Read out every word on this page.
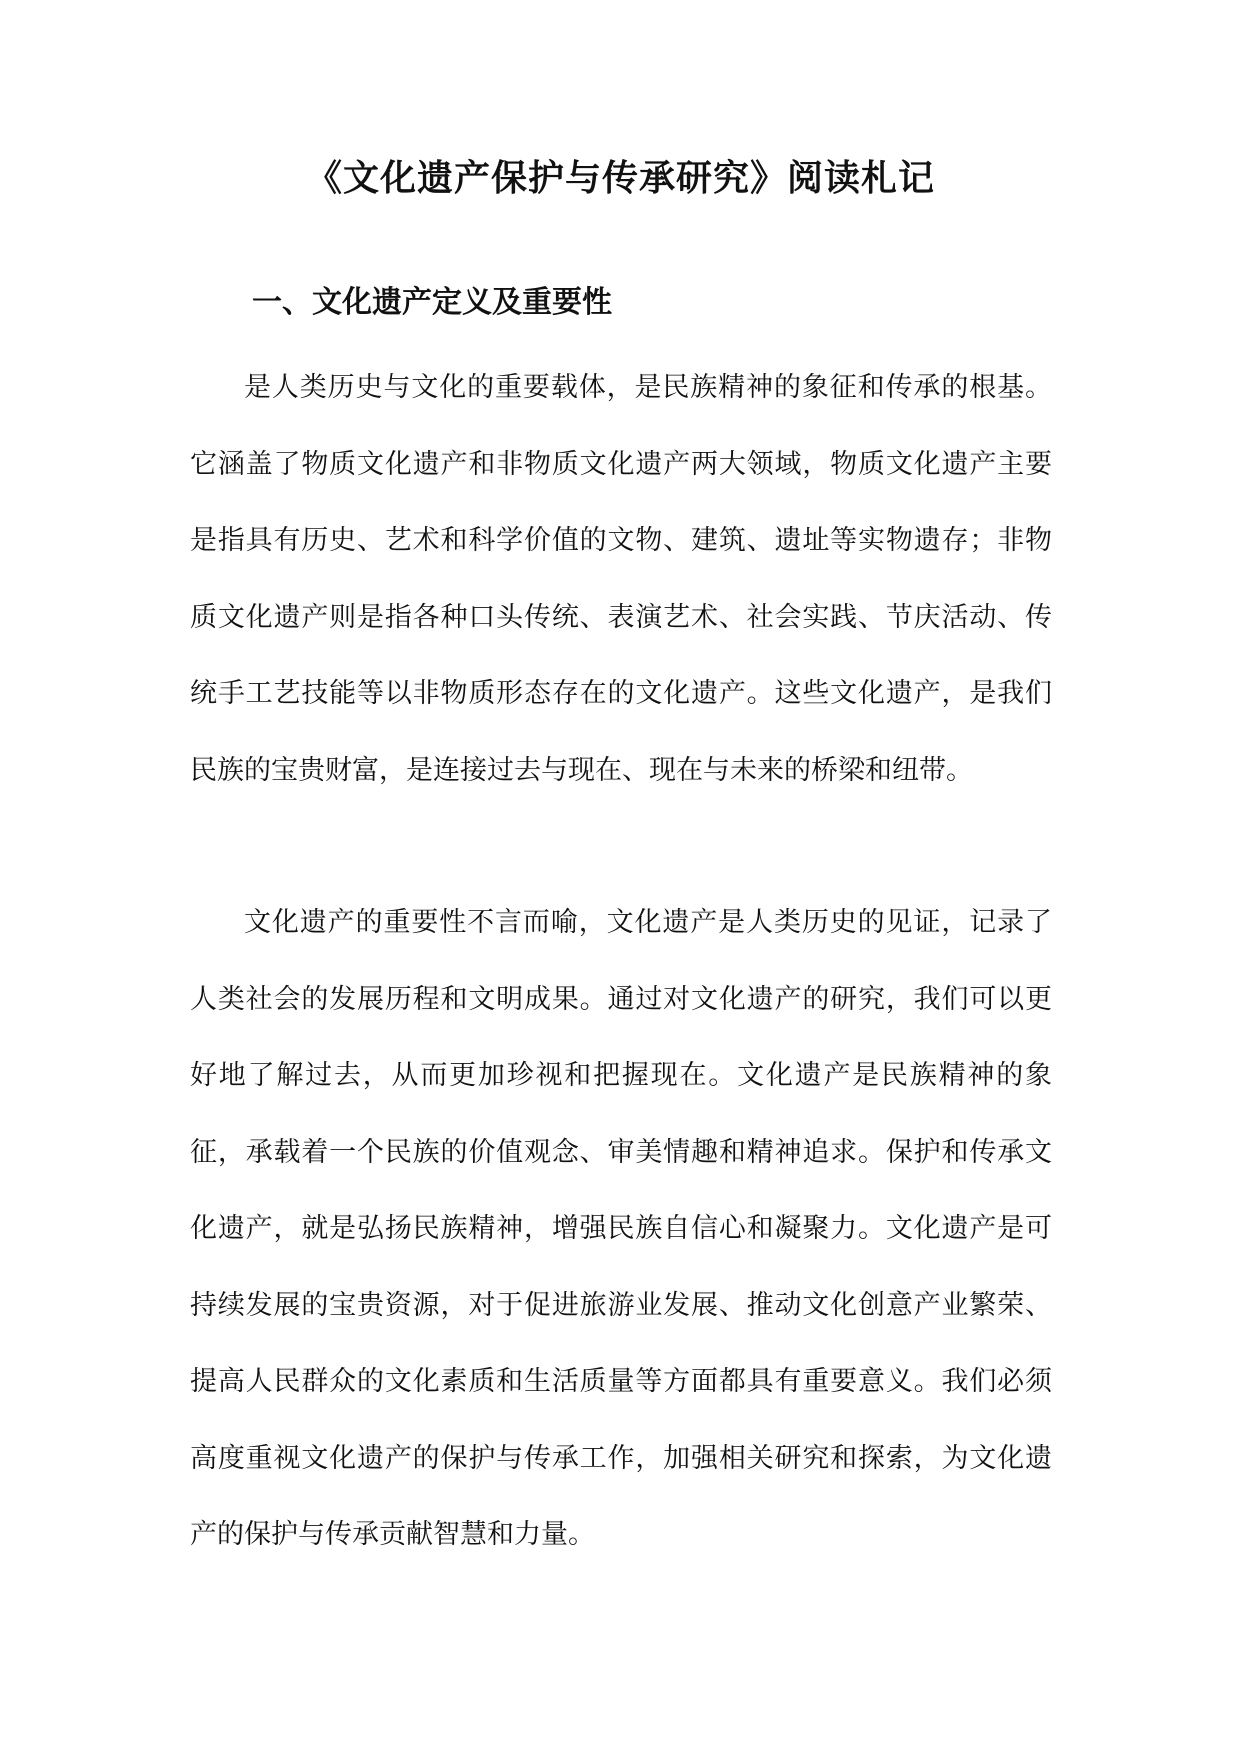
《文化遗产保护与传承研究》阅读札记
一、文化遗产定义及重要性

是人类历史与文化的重要载体，是民族精神的象征和传承的根基。它涵盖了物质文化遗产和非物质文化遗产两大领域，物质文化遗产主要是指具有历史、艺术和科学价值的文物、建筑、遗址等实物遗存；非物质文化遗产则是指各种口头传统、表演艺术、社会实践、节庆活动、传统手工艺技能等以非物质形态存在的文化遗产。这些文化遗产，是我们民族的宝贵财富，是连接过去与现在、现在与未来的桥梁和纽带。

文化遗产的重要性不言而喻，文化遗产是人类历史的见证，记录了人类社会的发展历程和文明成果。通过对文化遗产的研究，我们可以更好地了解过去，从而更加珍视和把握现在。文化遗产是民族精神的象征，承载着一个民族的价值观念、审美情趣和精神追求。保护和传承文化遗产，就是弘扬民族精神，增强民族自信心和凝聚力。文化遗产是可持续发展的宝贵资源，对于促进旅游业发展、推动文化创意产业繁荣、提高人民群众的文化素质和生活质量等方面都具有重要意义。我们必须高度重视文化遗产的保护与传承工作，加强相关研究和探索，为文化遗产的保护与传承贡献智慧和力量。
